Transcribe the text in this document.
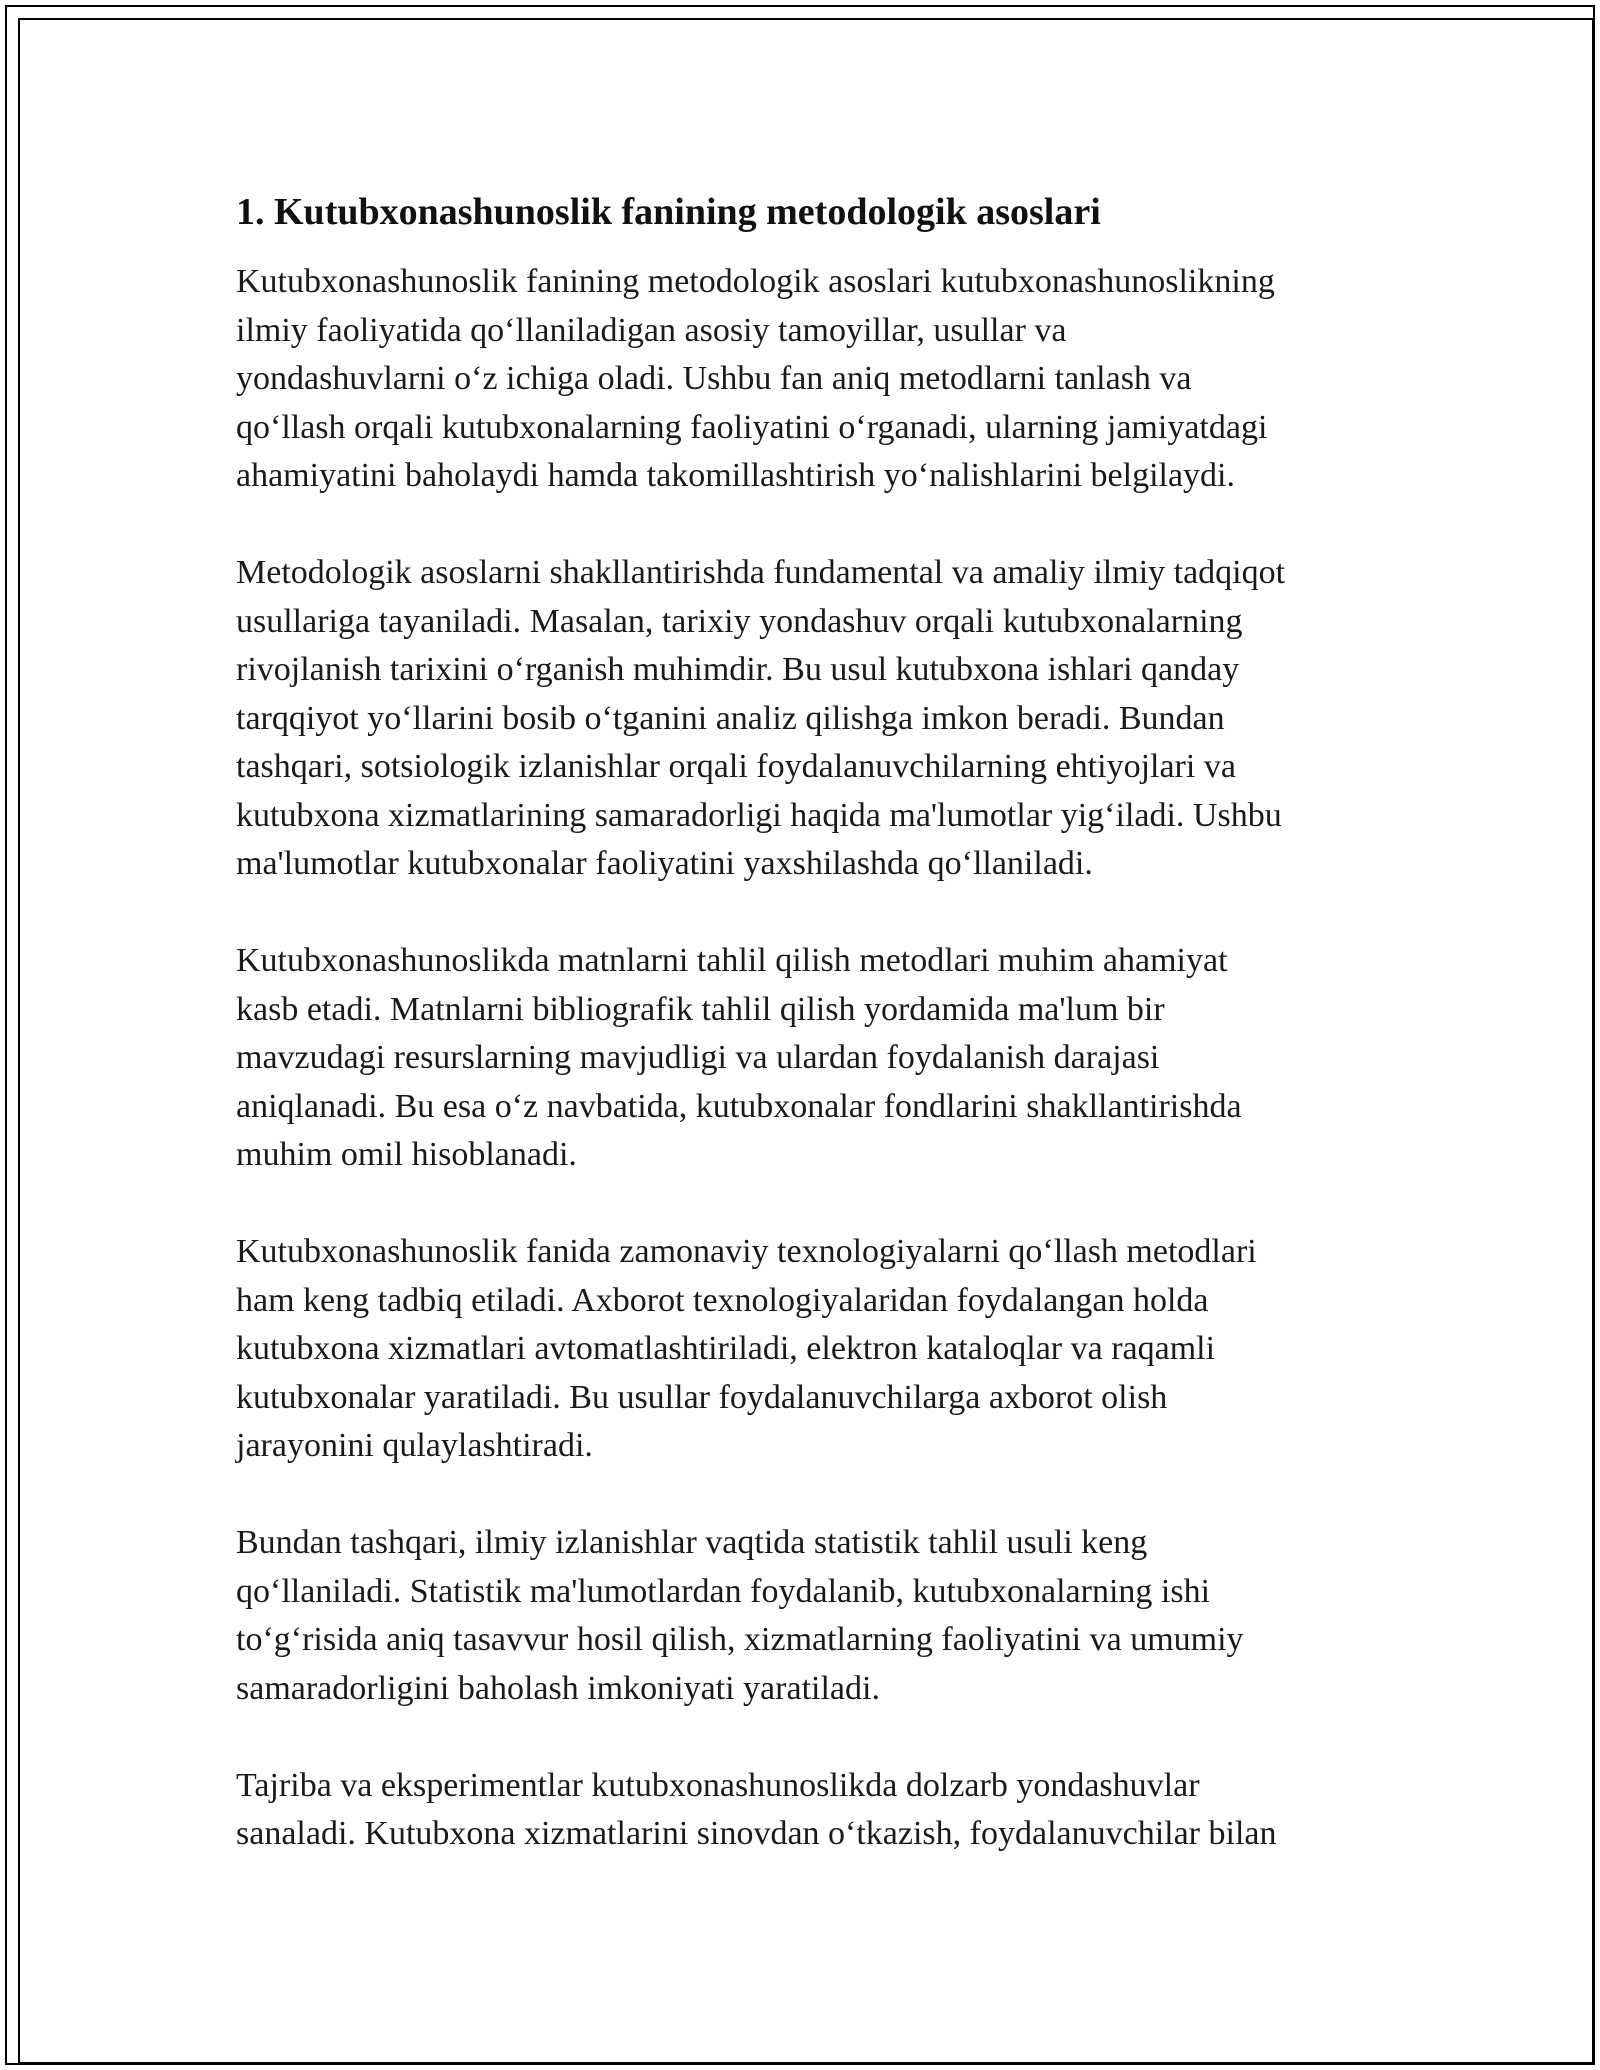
1. Kutubxonashunoslik fanining metodologik asoslari

Kutubxonashunoslik fanining metodologik asoslari kutubxonashunoslikning
ilmiy faoliyatida qo‘llaniladigan asosiy tamoyillar, usullar va
yondashuvlarni o‘z ichiga oladi. Ushbu fan aniq metodlarni tanlash va
qo‘llash orqali kutubxonalarning faoliyatini o‘rganadi, ularning jamiyatdagi
ahamiyatini baholaydi hamda takomillashtirish yo‘nalishlarini belgilaydi.

Metodologik asoslarni shakllantirishda fundamental va amaliy ilmiy tadqiqot
usullariga tayaniladi. Masalan, tarixiy yondashuv orqali kutubxonalarning
rivojlanish tarixini o‘rganish muhimdir. Bu usul kutubxona ishlari qanday
tarqqiyot yo‘llarini bosib o‘tganini analiz qilishga imkon beradi. Bundan
tashqari, sotsiologik izlanishlar orqali foydalanuvchilarning ehtiyojlari va
kutubxona xizmatlarining samaradorligi haqida ma'lumotlar yig‘iladi. Ushbu
ma'lumotlar kutubxonalar faoliyatini yaxshilashda qo‘llaniladi.

Kutubxonashunoslikda matnlarni tahlil qilish metodlari muhim ahamiyat
kasb etadi. Matnlarni bibliografik tahlil qilish yordamida ma'lum bir
mavzudagi resurslarning mavjudligi va ulardan foydalanish darajasi
aniqlanadi. Bu esa o‘z navbatida, kutubxonalar fondlarini shakllantirishda
muhim omil hisoblanadi.

Kutubxonashunoslik fanida zamonaviy texnologiyalarni qo‘llash metodlari
ham keng tadbiq etiladi. Axborot texnologiyalaridan foydalangan holda
kutubxona xizmatlari avtomatlashtiriladi, elektron kataloqlar va raqamli
kutubxonalar yaratiladi. Bu usullar foydalanuvchilarga axborot olish
jarayonini qulaylashtiradi.

Bundan tashqari, ilmiy izlanishlar vaqtida statistik tahlil usuli keng
qo‘llaniladi. Statistik ma'lumotlardan foydalanib, kutubxonalarning ishi
to‘g‘risida aniq tasavvur hosil qilish, xizmatlarning faoliyatini va umumiy
samaradorligini baholash imkoniyati yaratiladi.

Tajriba va eksperimentlar kutubxonashunoslikda dolzarb yondashuvlar
sanaladi. Kutubxona xizmatlarini sinovdan o‘tkazish, foydalanuvchilar bilan
